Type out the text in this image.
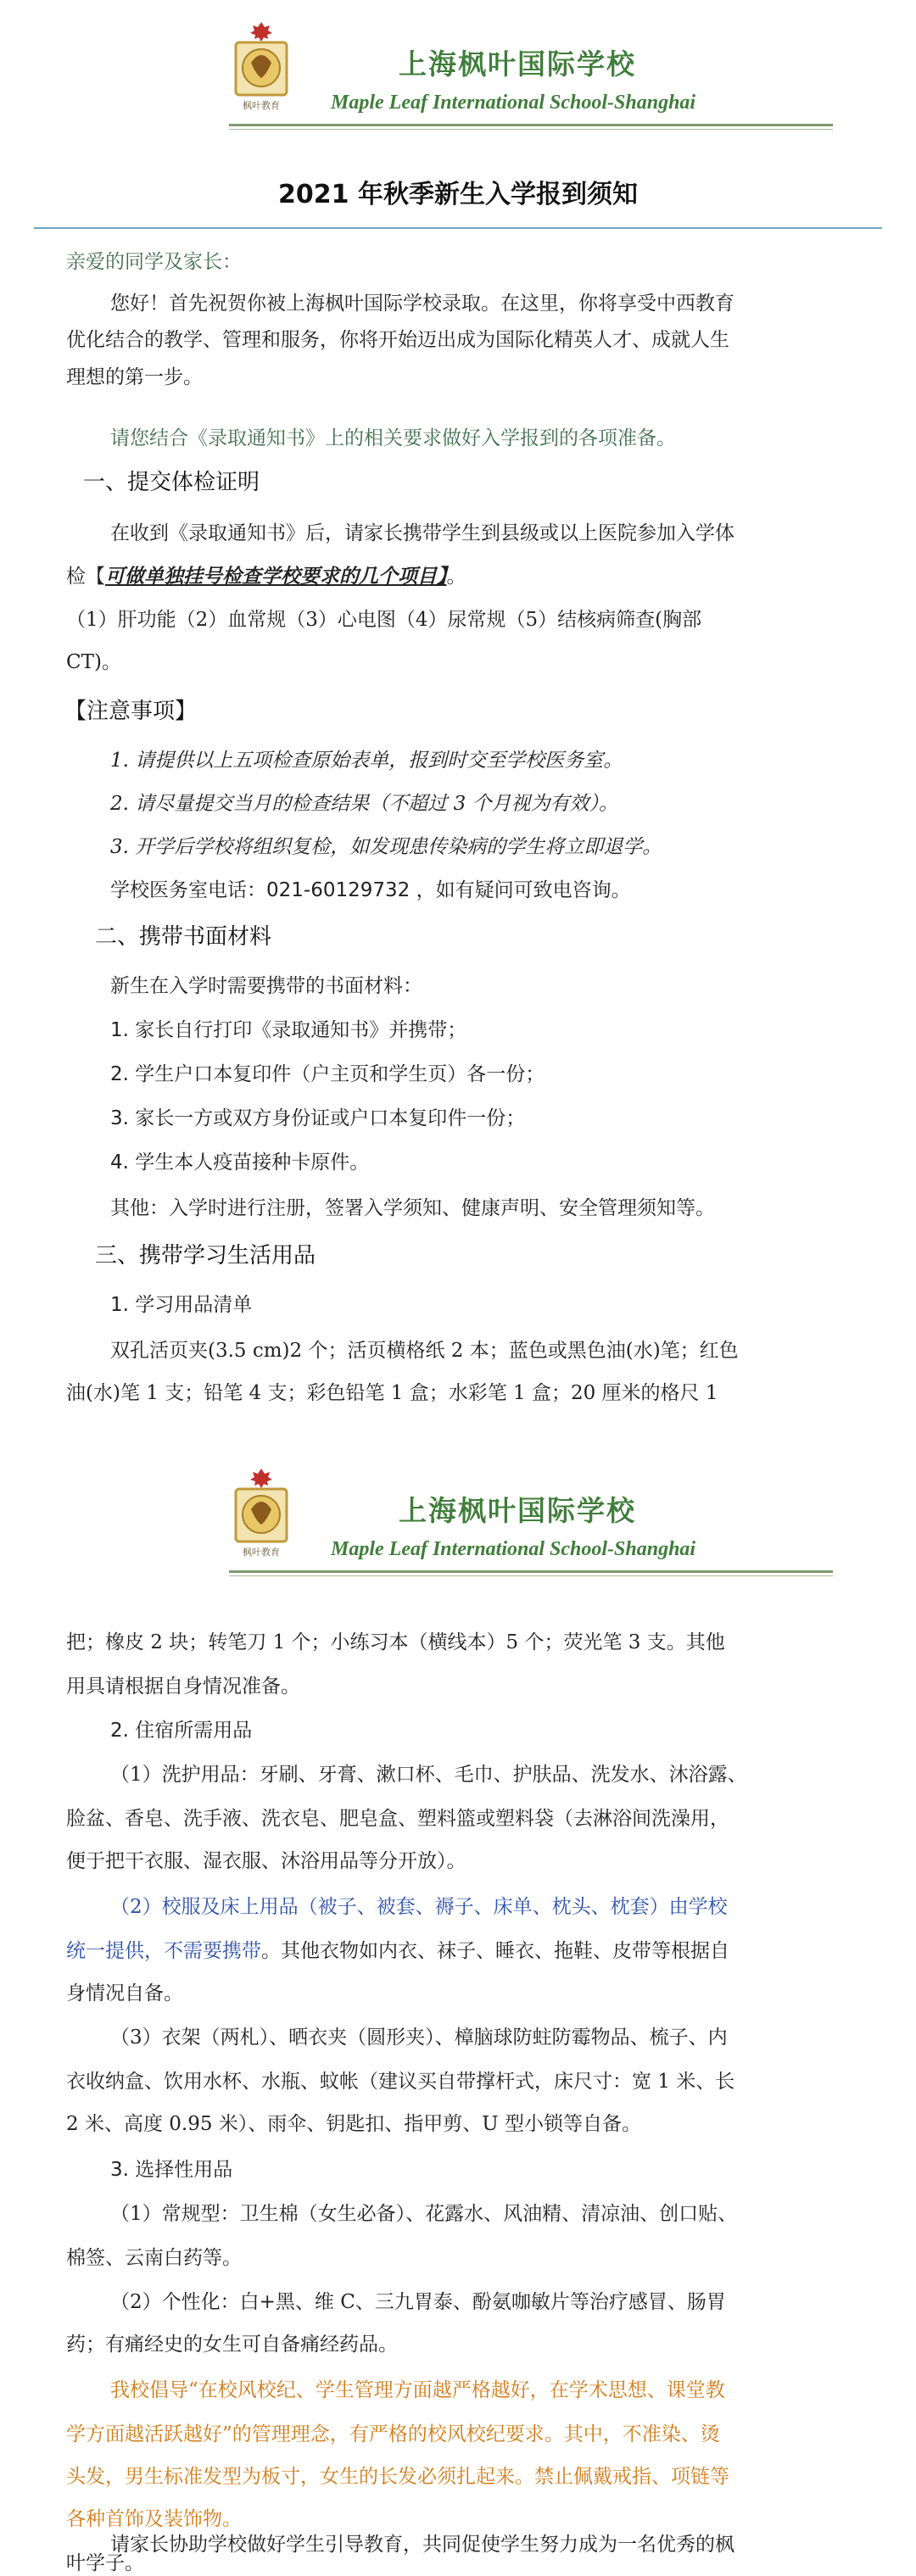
枫叶教育
上海枫叶国际学校
Maple Leaf International School-Shanghai
2021 年秋季新生入学报到须知
亲爱的同学及家长：
您好！首先祝贺你被上海枫叶国际学校录取。在这里，你将享受中西教育
优化结合的教学、管理和服务，你将开始迈出成为国际化精英人才、成就人生
理想的第一步。
请您结合《录取通知书》上的相关要求做好入学报到的各项准备。
一、提交体检证明
在收到《录取通知书》后，请家长携带学生到县级或以上医院参加入学体
检【可做单独挂号检查学校要求的几个项目】。
（1）肝功能（2）血常规（3）心电图（4）尿常规（5）结核病筛查(胸部
CT)。
【注意事项】
1. 请提供以上五项检查原始表单，报到时交至学校医务室。
2. 请尽量提交当月的检查结果（不超过 3 个月视为有效）。
3. 开学后学校将组织复检，如发现患传染病的学生将立即退学。
学校医务室电话：021-60129732 ，如有疑问可致电咨询。
二、携带书面材料
新生在入学时需要携带的书面材料：
1. 家长自行打印《录取通知书》并携带；
2. 学生户口本复印件（户主页和学生页）各一份；
3. 家长一方或双方身份证或户口本复印件一份；
4. 学生本人疫苗接种卡原件。
其他：入学时进行注册，签署入学须知、健康声明、安全管理须知等。
三、携带学习生活用品
1. 学习用品清单
双孔活页夹(3.5 cm)2 个；活页横格纸 2 本；蓝色或黑色油(水)笔；红色
油(水)笔 1 支；铅笔 4 支；彩色铅笔 1 盒；水彩笔 1 盒；20 厘米的格尺 1
枫叶教育
上海枫叶国际学校
Maple Leaf International School-Shanghai
把；橡皮 2 块；转笔刀 1 个；小练习本（横线本）5 个；荧光笔 3 支。其他
用具请根据自身情况准备。
2. 住宿所需用品
（1）洗护用品：牙刷、牙膏、漱口杯、毛巾、护肤品、洗发水、沐浴露、
脸盆、香皂、洗手液、洗衣皂、肥皂盒、塑料篮或塑料袋（去淋浴间洗澡用，
便于把干衣服、湿衣服、沐浴用品等分开放）。
（2）校服及床上用品（被子、被套、褥子、床单、枕头、枕套）由学校
统一提供，不需要携带。其他衣物如内衣、袜子、睡衣、拖鞋、皮带等根据自
身情况自备。
（3）衣架（两札）、晒衣夹（圆形夹）、樟脑球防蛀防霉物品、梳子、内
衣收纳盒、饮用水杯、水瓶、蚊帐（建议买自带撑杆式，床尺寸：宽 1 米、长
2 米、高度 0.95 米）、雨伞、钥匙扣、指甲剪、U 型小锁等自备。
3. 选择性用品
（1）常规型：卫生棉（女生必备）、花露水、风油精、清凉油、创口贴、
棉签、云南白药等。
（2）个性化：白+黑、维 C、三九胃泰、酚氨咖敏片等治疗感冒、肠胃
药；有痛经史的女生可自备痛经药品。
我校倡导“在校风校纪、学生管理方面越严格越好，在学术思想、课堂教
学方面越活跃越好”的管理理念，有严格的校风校纪要求。其中，不准染、烫
头发，男生标准发型为板寸，女生的长发必须扎起来。禁止佩戴戒指、项链等
各种首饰及装饰物。
请家长协助学校做好学生引导教育，共同促使学生努力成为一名优秀的枫
叶学子。
